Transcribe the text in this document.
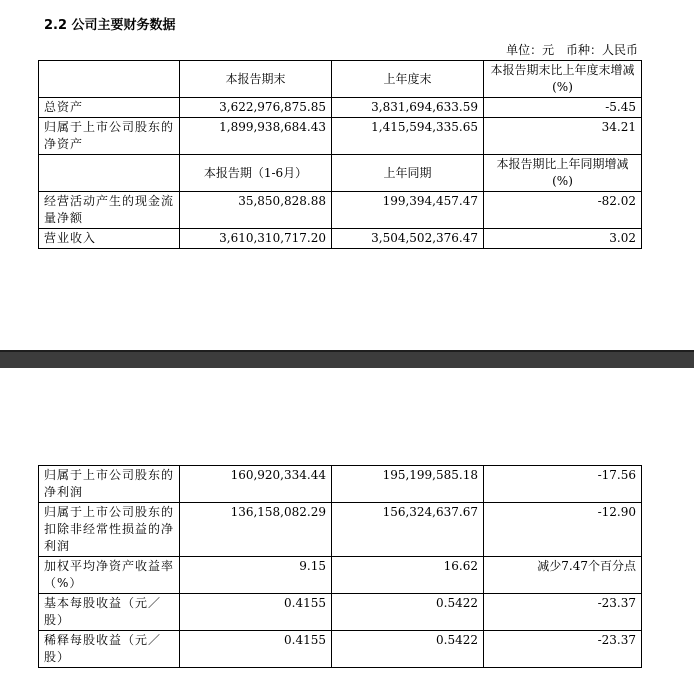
2.2 公司主要财务数据
单位：元 币种：人民币
	本报告期末	上年度末	本报告期末比上年度末增减(%)
总资产	3,622,976,875.85	3,831,694,633.59	-5.45
归属于上市公司股东的净资产	1,899,938,684.43	1,415,594,335.65	34.21
	本报告期（1-6月）	上年同期	本报告期比上年同期增减(%)
经营活动产生的现金流量净额	35,850,828.88	199,394,457.47	-82.02
营业收入	3,610,310,717.20	3,504,502,376.47	3.02
归属于上市公司股东的净利润	160,920,334.44	195,199,585.18	-17.56
归属于上市公司股东的扣除非经常性损益的净利润	136,158,082.29	156,324,637.67	-12.90
加权平均净资产收益率（%）	9.15	16.62	减少7.47个百分点
基本每股收益（元／股）	0.4155	0.5422	-23.37
稀释每股收益（元／股）	0.4155	0.5422	-23.37
